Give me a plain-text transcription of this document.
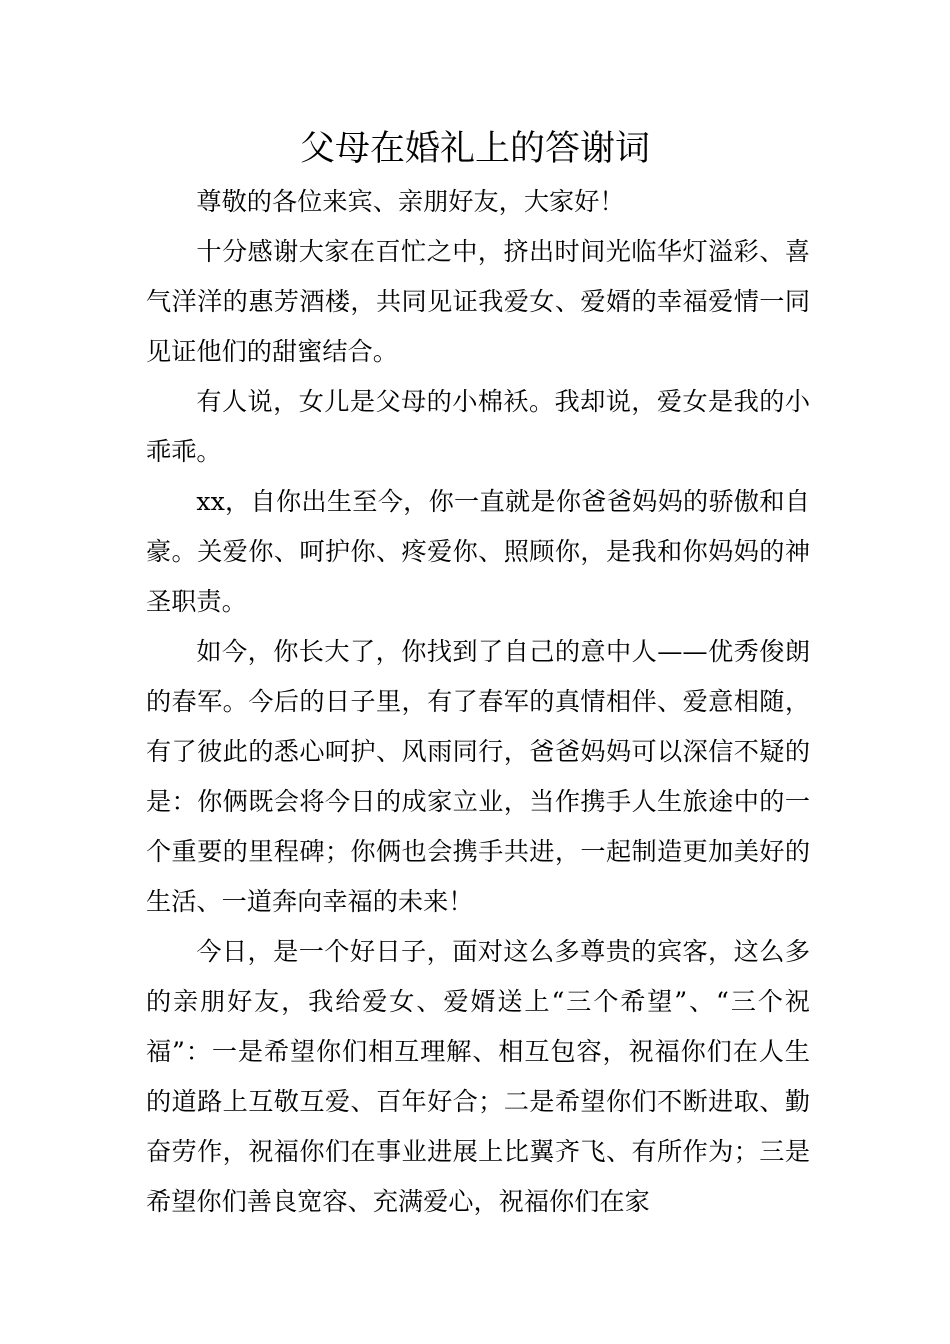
父母在婚礼上的答谢词

尊敬的各位来宾、亲朋好友，大家好！

十分感谢大家在百忙之中，挤出时间光临华灯溢彩、喜气洋洋的惠芳酒楼，共同见证我爱女、爱婿的幸福爱情一同见证他们的甜蜜结合。

有人说，女儿是父母的小棉袄。我却说，爱女是我的小乖乖。

xx，自你出生至今，你一直就是你爸爸妈妈的骄傲和自豪。关爱你、呵护你、疼爱你、照顾你，是我和你妈妈的神圣职责。

如今，你长大了，你找到了自己的意中人——优秀俊朗的春军。今后的日子里，有了春军的真情相伴、爱意相随，有了彼此的悉心呵护、风雨同行，爸爸妈妈可以深信不疑的是：你俩既会将今日的成家立业，当作携手人生旅途中的一个重要的里程碑；你俩也会携手共进，一起制造更加美好的生活、一道奔向幸福的未来！

今日，是一个好日子，面对这么多尊贵的宾客，这么多的亲朋好友，我给爱女、爱婿送上“三个希望”、“三个祝福”：一是希望你们相互理解、相互包容，祝福你们在人生的道路上互敬互爱、百年好合；二是希望你们不断进取、勤奋劳作，祝福你们在事业进展上比翼齐飞、有所作为；三是希望你们善良宽容、充满爱心，祝福你们在家
